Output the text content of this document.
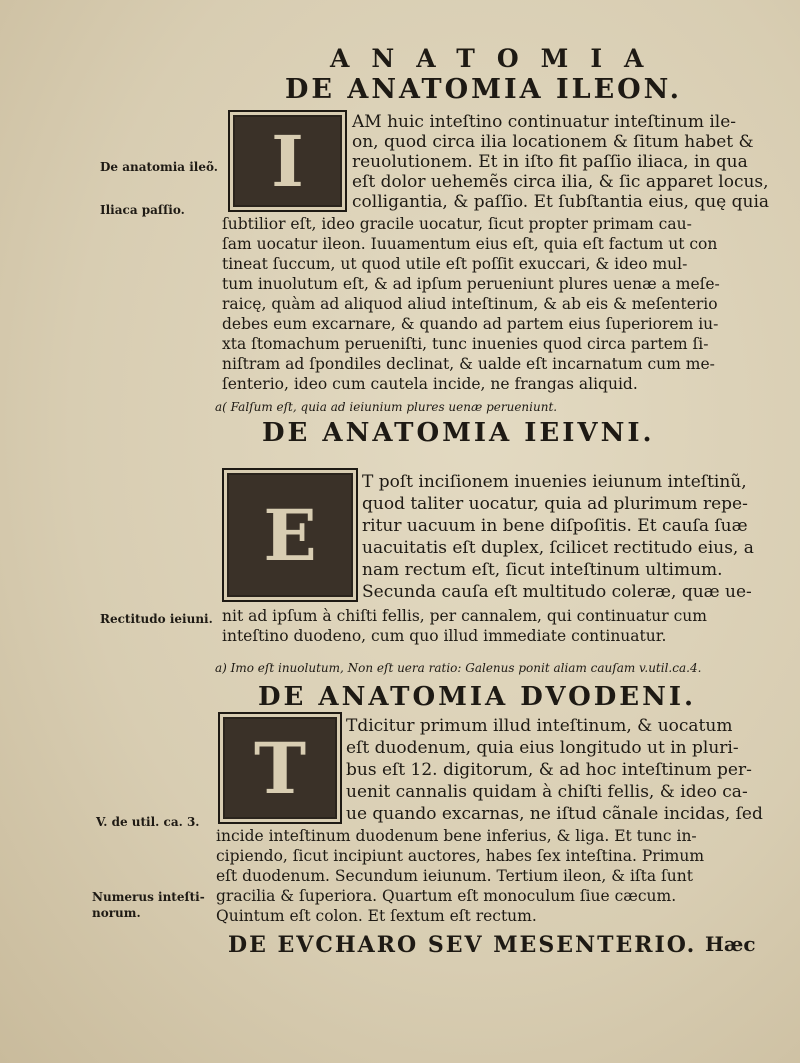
ANATOMIA
DE ANATOMIA ILEON.
I	AM huic inteſtino continuatur inteſtinum ile-
on, quod circa ilia locationem & ſitum habet &
reuolutionem. Et in iſto fit paſſio iliaca, in qua
eſt dolor uehemẽs circa ilia, & ſic apparet locus,
colligantia, & paſſio. Et ſubſtantia eius, quę quia
ſubtilior eſt, ideo gracile uocatur, ſicut propter primam cau-
ſam uocatur ileon. Iuuamentum eius eſt, quia eſt factum ut con
tineat ſuccum, ut quod utile eſt poſſit exuccari, & ideo mul-
tum inuolutum eſt, & ad ipſum perueniunt plures uenæ a meſe-
raicę, quàm ad aliquod aliud inteſtinum, & ab eis & meſenterio
debes eum excarnare, & quando ad partem eius ſuperiorem iu-
xta ſtomachum perueniſti, tunc inuenies quod circa partem ſi-
niſtram ad ſpondiles declinat, & ualde eſt incarnatum cum me-
ſenterio, ideo cum cautela incide, ne frangas aliquid.
a( Falſum eſt, quia ad ieiunium plures uenæ perueniunt.
DE ANATOMIA IEIVNI.
E
T poſt inciſionem inuenies ieiunum inteſtinũ,
quod taliter uocatur, quia ad plurimum repe-
ritur uacuum in bene diſpoſitis. Et cauſa ſuæ
uacuitatis eſt duplex, ſcilicet rectitudo eius, a
nam rectum eſt, ſicut inteſtinum ultimum.
Secunda cauſa eſt multitudo coleræ, quæ ue-
nit ad ipſum à chiſti fellis, per cannalem, qui continuatur cum
inteſtino duodeno, cum quo illud immediate continuatur.
a) Imo eſt inuolutum, Non eſt uera ratio: Galenus ponit aliam cauſam v.util.ca.4.
DE ANATOMIA DVODENI.
T
Tdicitur primum illud inteſtinum, & uocatum
eſt duodenum, quia eius longitudo ut in pluri-
bus eſt 12. digitorum, & ad hoc inteſtinum per-
uenit cannalis quidam à chiſti fellis, & ideo ca-
ue quando excarnas, ne iſtud cãnale incidas, ſed
incide inteſtinum duodenum bene inferius, & liga. Et tunc in-
cipiendo, ſicut incipiunt auctores, habes ſex inteſtina. Primum
eſt duodenum. Secundum ieiunum. Tertium ileon, & iſta ſunt
gracilia & ſuperiora. Quartum eſt monoculum ſiue cæcum.
Quintum eſt colon. Et ſextum eſt rectum.
DE EVCHARO SEV MESENTERIO. Hæc
De anatomia ileõ.
Iliaca paſſio.
Rectitudo ieiuni.
V. de util. ca. 3.
Numerus inteſti-
norum.
